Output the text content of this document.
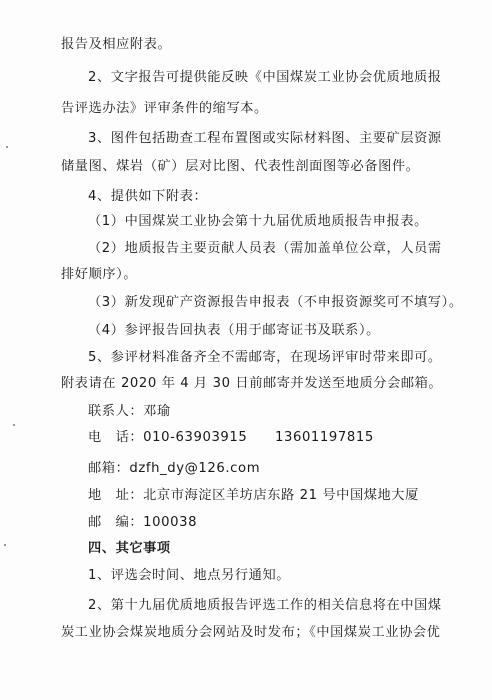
报告及相应附表。
2、文字报告可提供能反映《中国煤炭工业协会优质地质报
告评选办法》评审条件的缩写本。
3、图件包括勘查工程布置图或实际材料图、主要矿层资源
储量图、煤岩（矿）层对比图、代表性剖面图等必备图件。
4、提供如下附表：
（1）中国煤炭工业协会第十九届优质地质报告申报表。
（2）地质报告主要贡献人员表（需加盖单位公章，人员需
排好顺序）。
（3）新发现矿产资源报告申报表（不申报资源奖可不填写）。
（4）参评报告回执表（用于邮寄证书及联系）。
5、参评材料准备齐全不需邮寄，在现场评审时带来即可。
附表请在 2020 年 4 月 30 日前邮寄并发送至地质分会邮箱。
联系人：邓瑜
电　话：010-63903915　　13601197815
邮箱：dzfh_dy@126.com
地　址：北京市海淀区羊坊店东路 21 号中国煤地大厦
邮　编：100038
四、其它事项
1、评选会时间、地点另行通知。
2、第十九届优质地质报告评选工作的相关信息将在中国煤
炭工业协会煤炭地质分会网站及时发布；《中国煤炭工业协会优
